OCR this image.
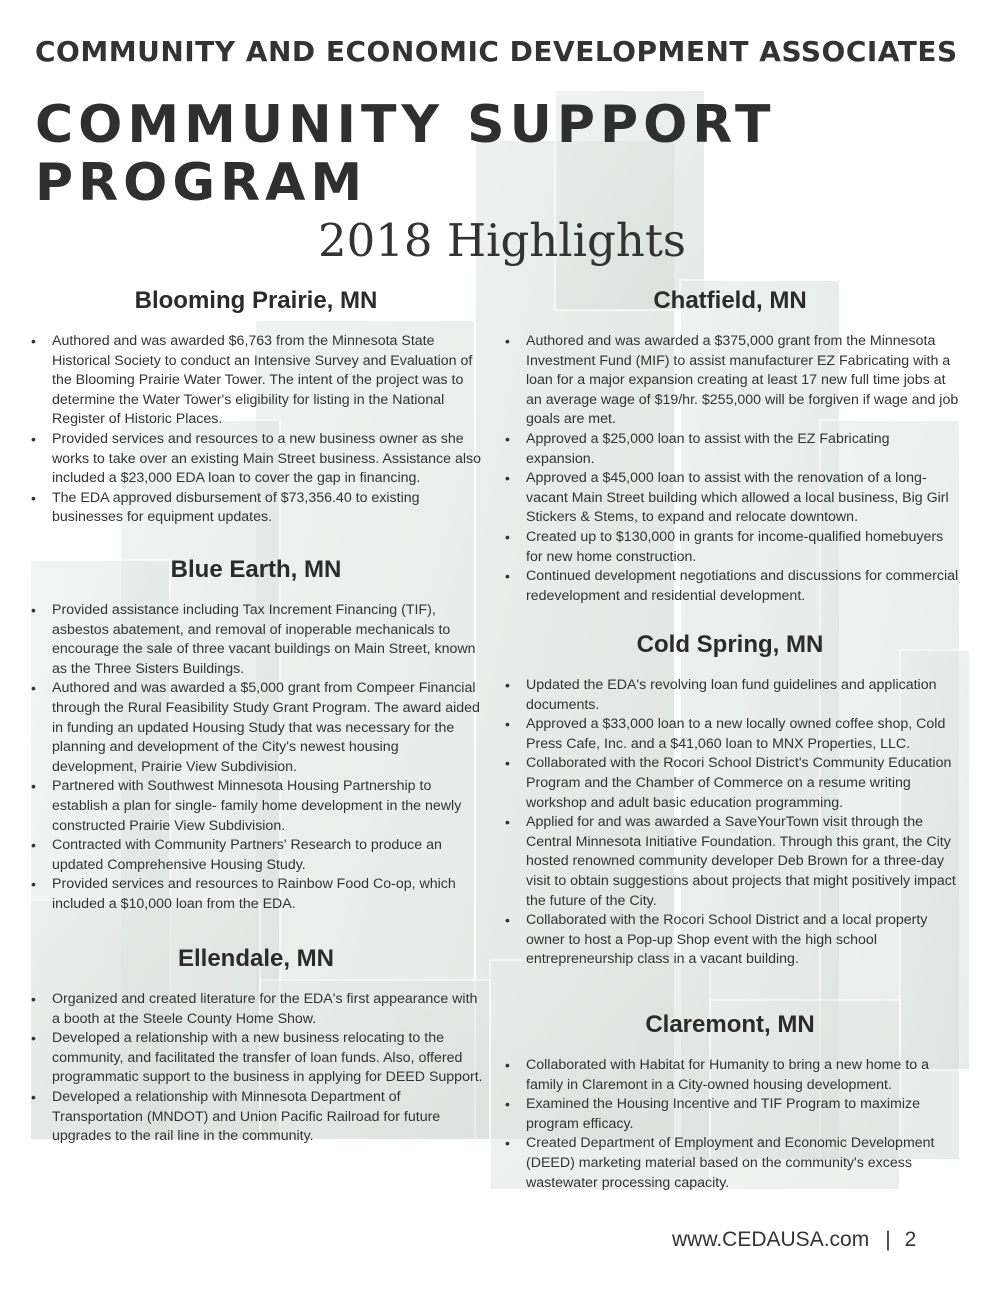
COMMUNITY AND ECONOMIC DEVELOPMENT ASSOCIATES
COMMUNITY SUPPORT
PROGRAM
2018 Highlights
Blooming Prairie, MN
• Authored and was awarded $6,763 from the Minnesota State Historical Society to conduct an Intensive Survey and Evaluation of the Blooming Prairie Water Tower. The intent of the project was to determine the Water Tower's eligibility for listing in the National Register of Historic Places.
• Provided services and resources to a new business owner as she works to take over an existing Main Street business. Assistance also included a $23,000 EDA loan to cover the gap in financing.
• The EDA approved disbursement of $73,356.40 to existing businesses for equipment updates.
Blue Earth, MN
• Provided assistance including Tax Increment Financing (TIF), asbestos abatement, and removal of inoperable mechanicals to encourage the sale of three vacant buildings on Main Street, known as the Three Sisters Buildings.
• Authored and was awarded a $5,000 grant from Compeer Financial through the Rural Feasibility Study Grant Program. The award aided in funding an updated Housing Study that was necessary for the planning and development of the City's newest housing development, Prairie View Subdivision.
• Partnered with Southwest Minnesota Housing Partnership to establish a plan for single- family home development in the newly constructed Prairie View Subdivision.
• Contracted with Community Partners' Research to produce an updated Comprehensive Housing Study.
• Provided services and resources to Rainbow Food Co-op, which included a $10,000 loan from the EDA.
Ellendale, MN
• Organized and created literature for the EDA's first appearance with a booth at the Steele County Home Show.
• Developed a relationship with a new business relocating to the community, and facilitated the transfer of loan funds. Also, offered programmatic support to the business in applying for DEED Support.
• Developed a relationship with Minnesota Department of Transportation (MNDOT) and Union Pacific Railroad for future upgrades to the rail line in the community.
Chatfield, MN
• Authored and was awarded a $375,000 grant from the Minnesota Investment Fund (MIF) to assist manufacturer EZ Fabricating with a loan for a major expansion creating at least 17 new full time jobs at an average wage of $19/hr. $255,000 will be forgiven if wage and job goals are met.
• Approved a $25,000 loan to assist with the EZ Fabricating expansion.
• Approved a $45,000 loan to assist with the renovation of a long-vacant Main Street building which allowed a local business, Big Girl Stickers & Stems, to expand and relocate downtown.
• Created up to $130,000 in grants for income-qualified homebuyers for new home construction.
• Continued development negotiations and discussions for commercial redevelopment and residential development.
Cold Spring, MN
• Updated the EDA's revolving loan fund guidelines and application documents.
• Approved a $33,000 loan to a new locally owned coffee shop, Cold Press Cafe, Inc. and a $41,060 loan to MNX Properties, LLC.
• Collaborated with the Rocori School District's Community Education Program and the Chamber of Commerce on a resume writing workshop and adult basic education programming.
• Applied for and was awarded a SaveYourTown visit through the Central Minnesota Initiative Foundation. Through this grant, the City hosted renowned community developer Deb Brown for a three-day visit to obtain suggestions about projects that might positively impact the future of the City.
• Collaborated with the Rocori School District and a local property owner to host a Pop-up Shop event with the high school entrepreneurship class in a vacant building.
Claremont, MN
• Collaborated with Habitat for Humanity to bring a new home to a family in Claremont in a City-owned housing development.
• Examined the Housing Incentive and TIF Program to maximize program efficacy.
• Created Department of Employment and Economic Development (DEED) marketing material based on the community's excess wastewater processing capacity.
www.CEDAUSA.com | 2
